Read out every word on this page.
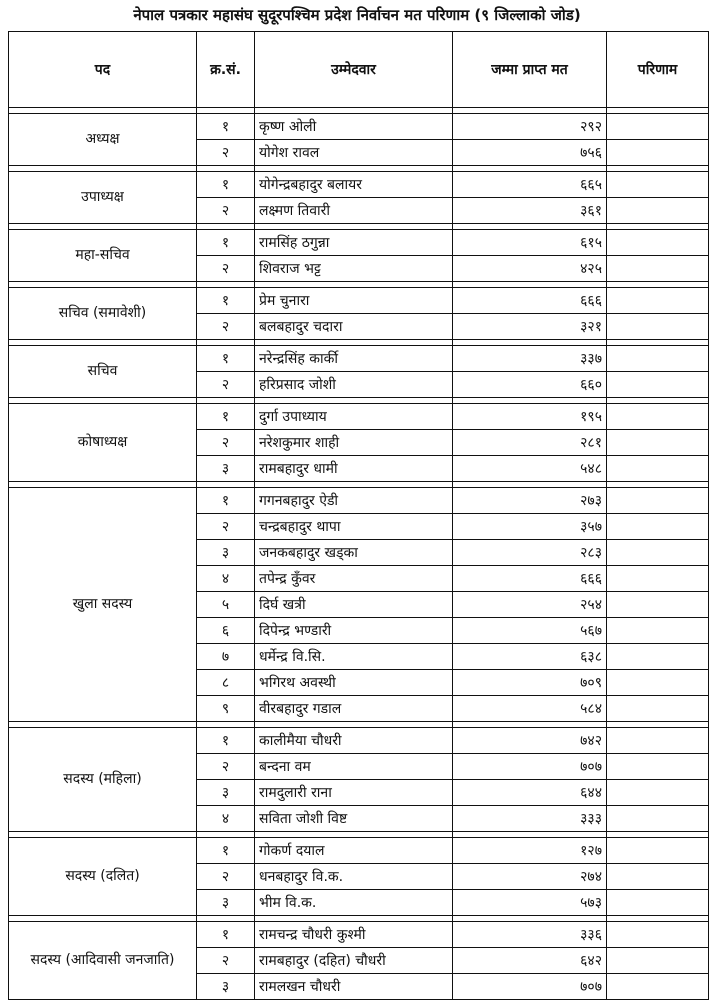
नेपाल पत्रकार महासंघ सुदूरपश्चिम प्रदेश निर्वाचन मत परिणाम (९ जिल्लाको जोड)
पद	क्र.सं.	उम्मेदवार	जम्मा प्राप्त मत	परिणाम

अध्यक्ष	१	कृष्ण ओली	२९२	
	२	योगेश रावल	७५६	

उपाध्यक्ष	१	योगेन्द्रबहादुर बलायर	६६५	
	२	लक्ष्मण तिवारी	३६१	

महा-सचिव	१	रामसिंह ठगुन्ना	६१५	
	२	शिवराज भट्ट	४२५	

सचिव (समावेशी)	१	प्रेम चुनारा	६६६	
	२	बलबहादुर चदारा	३२१	

सचिव	१	नरेन्द्रसिंह कार्की	३३७	
	२	हरिप्रसाद जोशी	६६०	

कोषाध्यक्ष	१	दुर्गा उपाध्याय	१९५	
	२	नरेशकुमार शाही	२८१	
	३	रामबहादुर धामी	५४८	

खुला सदस्य	१	गगनबहादुर ऐडी	२७३	
	२	चन्द्रबहादुर थापा	३५७	
	३	जनकबहादुर खड्का	२८३	
	४	तपेन्द्र कुँवर	६६६	
	५	दिर्घ खत्री	२५४	
	६	दिपेन्द्र भण्डारी	५६७	
	७	धर्मेन्द्र वि.सि.	६३८	
	८	भगिरथ अवस्थी	७०९	
	९	वीरबहादुर गडाल	५८४	

सदस्य (महिला)	१	कालीमैया चौधरी	७४२	
	२	बन्दना वम	७०७	
	३	रामदुलारी राना	६४४	
	४	सविता जोशी विष्ट	३३३	

सदस्य (दलित)	१	गोकर्ण दयाल	१२७	
	२	धनबहादुर वि.क.	२७४	
	३	भीम वि.क.	५७३	

सदस्य (आदिवासी जनजाति)	१	रामचन्द्र चौधरी कुश्मी	३३६	
	२	रामबहादुर (दहित) चौधरी	६४२	
	३	रामलखन चौधरी	७०७	
